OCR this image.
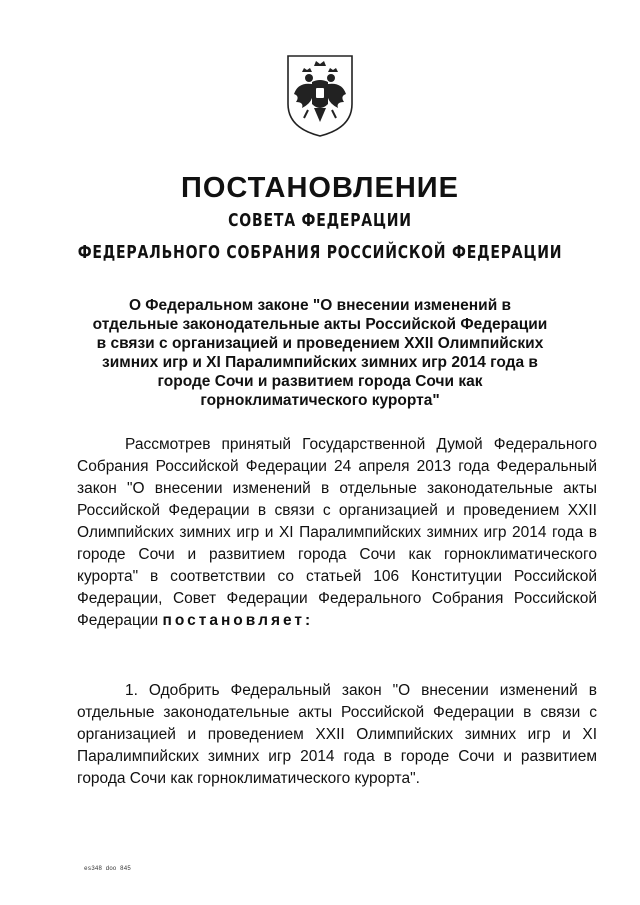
ПОСТАНОВЛЕНИЕ
СОВЕТА ФЕДЕРАЦИИ
ФЕДЕРАЛЬНОГО СОБРАНИЯ РОССИЙСКОЙ ФЕДЕРАЦИИ
О Федеральном законе "О внесении изменений в отдельные законодательные акты Российской Федерации в связи с организацией и проведением XXII Олимпийских зимних игр и XI Паралимпийских зимних игр 2014 года в городе Сочи и развитием города Сочи как горноклиматического курорта"
Рассмотрев принятый Государственной Думой Федерального Собрания Российской Федерации 24 апреля 2013 года Федеральный закон "О внесении изменений в отдельные законодательные акты Российской Федерации в связи с организацией и проведением XXII Олимпийских зимних игр и XI Паралимпийских зимних игр 2014 года в городе Сочи и развитием города Сочи как горноклиматического курорта" в соответствии со статьей 106 Конституции Российской Федерации, Совет Федерации Федерального Собрания Российской Федерации постановляет:
1. Одобрить Федеральный закон "О внесении изменений в отдельные законодательные акты Российской Федерации в связи с организацией и проведением XXII Олимпийских зимних игр и XI Паралимпийских зимних игр 2014 года в городе Сочи и развитием города Сочи как горноклиматического курорта".
es348 doo 845
